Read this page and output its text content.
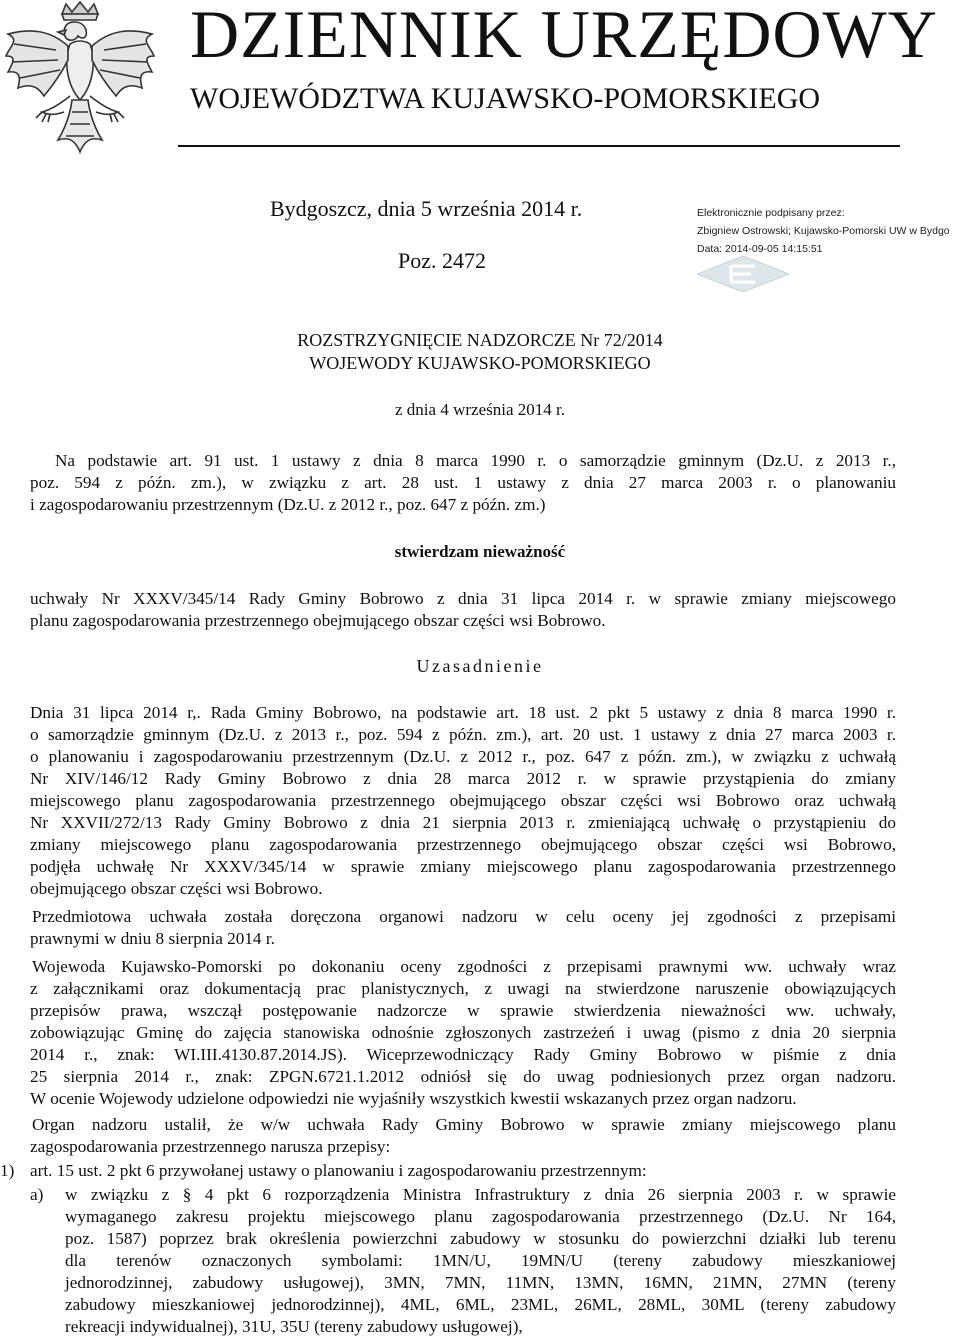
DZIENNIK URZĘDOWY
WOJEWÓDZTWA KUJAWSKO-POMORSKIEGO
Bydgoszcz, dnia 5 września 2014 r.
Poz. 2472
Elektronicznie podpisany przez:
Zbigniew Ostrowski; Kujawsko-Pomorski UW w Bydgo
Data: 2014-09-05 14:15:51
ROZSTRZYGNIĘCIE NADZORCZE Nr 72/2014
WOJEWODY KUJAWSKO-POMORSKIEGO
z dnia 4 września 2014 r.
Na podstawie art. 91 ust. 1 ustawy z dnia 8 marca 1990 r. o samorządzie gminnym (Dz.U. z 2013 r.,
poz. 594 z późn. zm.), w związku z art. 28 ust. 1 ustawy z dnia 27 marca 2003 r. o planowaniu
i zagospodarowaniu przestrzennym (Dz.U. z 2012 r., poz. 647 z późn. zm.)
stwierdzam nieważność
uchwały Nr XXXV/345/14 Rady Gminy Bobrowo z dnia 31 lipca 2014 r. w sprawie zmiany miejscowego
planu zagospodarowania przestrzennego obejmującego obszar części wsi Bobrowo.
Uzasadnienie
Dnia 31 lipca 2014 r,. Rada Gminy Bobrowo, na podstawie art. 18 ust. 2 pkt 5 ustawy z dnia 8 marca 1990 r.
o samorządzie gminnym (Dz.U. z 2013 r., poz. 594 z późn. zm.), art. 20 ust. 1 ustawy z dnia 27 marca 2003 r.
o planowaniu i zagospodarowaniu przestrzennym (Dz.U. z 2012 r., poz. 647 z późn. zm.), w związku z uchwałą
Nr XIV/146/12 Rady Gminy Bobrowo z dnia 28 marca 2012 r. w sprawie przystąpienia do zmiany
miejscowego planu zagospodarowania przestrzennego obejmującego obszar części wsi Bobrowo oraz uchwałą
Nr XXVII/272/13 Rady Gminy Bobrowo z dnia 21 sierpnia 2013 r. zmieniającą uchwałę o przystąpieniu do
zmiany miejscowego planu zagospodarowania przestrzennego obejmującego obszar części wsi Bobrowo,
podjęła uchwałę Nr XXXV/345/14 w sprawie zmiany miejscowego planu zagospodarowania przestrzennego
obejmującego obszar części wsi Bobrowo.
Przedmiotowa uchwała została doręczona organowi nadzoru w celu oceny jej zgodności z przepisami
prawnymi w dniu 8 sierpnia 2014 r.
Wojewoda Kujawsko-Pomorski po dokonaniu oceny zgodności z przepisami prawnymi ww. uchwały wraz
z załącznikami oraz dokumentacją prac planistycznych, z uwagi na stwierdzone naruszenie obowiązujących
przepisów prawa, wszczął postępowanie nadzorcze w sprawie stwierdzenia nieważności ww. uchwały,
zobowiązując Gminę do zajęcia stanowiska odnośnie zgłoszonych zastrzeżeń i uwag (pismo z dnia 20 sierpnia
2014 r., znak: WI.III.4130.87.2014.JS). Wiceprzewodniczący Rady Gminy Bobrowo w piśmie z dnia
25 sierpnia 2014 r., znak: ZPGN.6721.1.2012 odniósł się do uwag podniesionych przez organ nadzoru.
W ocenie Wojewody udzielone odpowiedzi nie wyjaśniły wszystkich kwestii wskazanych przez organ nadzoru.
Organ nadzoru ustalił, że w/w uchwała Rady Gminy Bobrowo w sprawie zmiany miejscowego planu
zagospodarowania przestrzennego narusza przepisy:
1) art. 15 ust. 2 pkt 6 przywołanej ustawy o planowaniu i zagospodarowaniu przestrzennym:
a) w związku z § 4 pkt 6 rozporządzenia Ministra Infrastruktury z dnia 26 sierpnia 2003 r. w sprawie
wymaganego zakresu projektu miejscowego planu zagospodarowania przestrzennego (Dz.U. Nr 164,
poz. 1587) poprzez brak określenia powierzchni zabudowy w stosunku do powierzchni działki lub terenu
dla terenów oznaczonych symbolami: 1MN/U, 19MN/U (tereny zabudowy mieszkaniowej
jednorodzinnej, zabudowy usługowej), 3MN, 7MN, 11MN, 13MN, 16MN, 21MN, 27MN (tereny
zabudowy mieszkaniowej jednorodzinnej), 4ML, 6ML, 23ML, 26ML, 28ML, 30ML (tereny zabudowy
rekreacji indywidualnej), 31U, 35U (tereny zabudowy usługowej),
